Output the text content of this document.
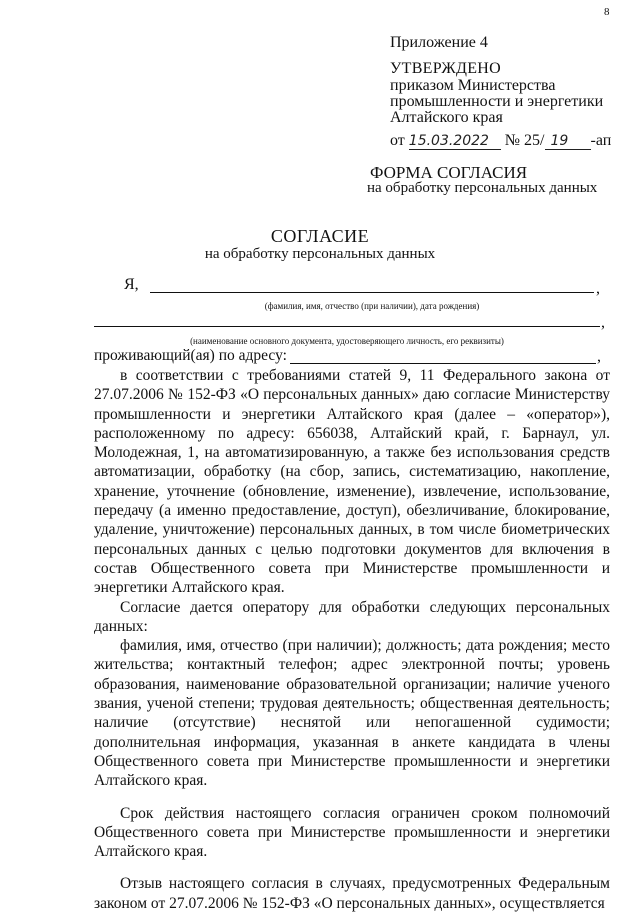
8
Приложение 4
УТВЕРЖДЕНО
приказом Министерства
промышленности и энергетики
Алтайского края
от 15.03.2022 № 25/ 19 -ап
ФОРМА СОГЛАСИЯ
на обработку персональных данных
СОГЛАСИЕ
на обработку персональных данных
Я,	,
(фамилия, имя, отчество (при наличии), дата рождения)
,
(наименование основного документа, удостоверяющего личность, его реквизиты)
проживающий(ая) по адресу:	,

в соответствии с требованиями статей 9, 11 Федерального закона от 27.07.2006 № 152-ФЗ «О персональных данных» даю согласие Министерству промышленности и энергетики Алтайского края (далее – «оператор»), расположенному по адресу: 656038, Алтайский край, г. Барнаул, ул. Молодежная, 1, на автоматизированную, а также без использования средств автоматизации, обработку (на сбор, запись, систематизацию, накопление, хранение, уточнение (обновление, изменение), извлечение, использование, передачу (а именно предоставление, доступ), обезличивание, блокирование, удаление, уничтожение) персональных данных, в том числе биометрических персональных данных с целью подготовки документов для включения в состав Общественного совета при Министерстве промышленности и энергетики Алтайского края.

Согласие дается оператору для обработки следующих персональных данных:

фамилия, имя, отчество (при наличии); должность; дата рождения; место жительства; контактный телефон; адрес электронной почты; уровень образования, наименование образовательной организации; наличие ученого звания, ученой степени; трудовая деятельность; общественная деятельность; наличие (отсутствие) неснятой или непогашенной судимости; дополнительная информация, указанная в анкете кандидата в члены Общественного совета при Министерстве промышленности и энергетики Алтайского края.

Срок действия настоящего согласия ограничен сроком полномочий Общественного совета при Министерстве промышленности и энергетики Алтайского края.

Отзыв настоящего согласия в случаях, предусмотренных Федеральным законом от 27.07.2006 № 152-ФЗ «О персональных данных», осуществляется
